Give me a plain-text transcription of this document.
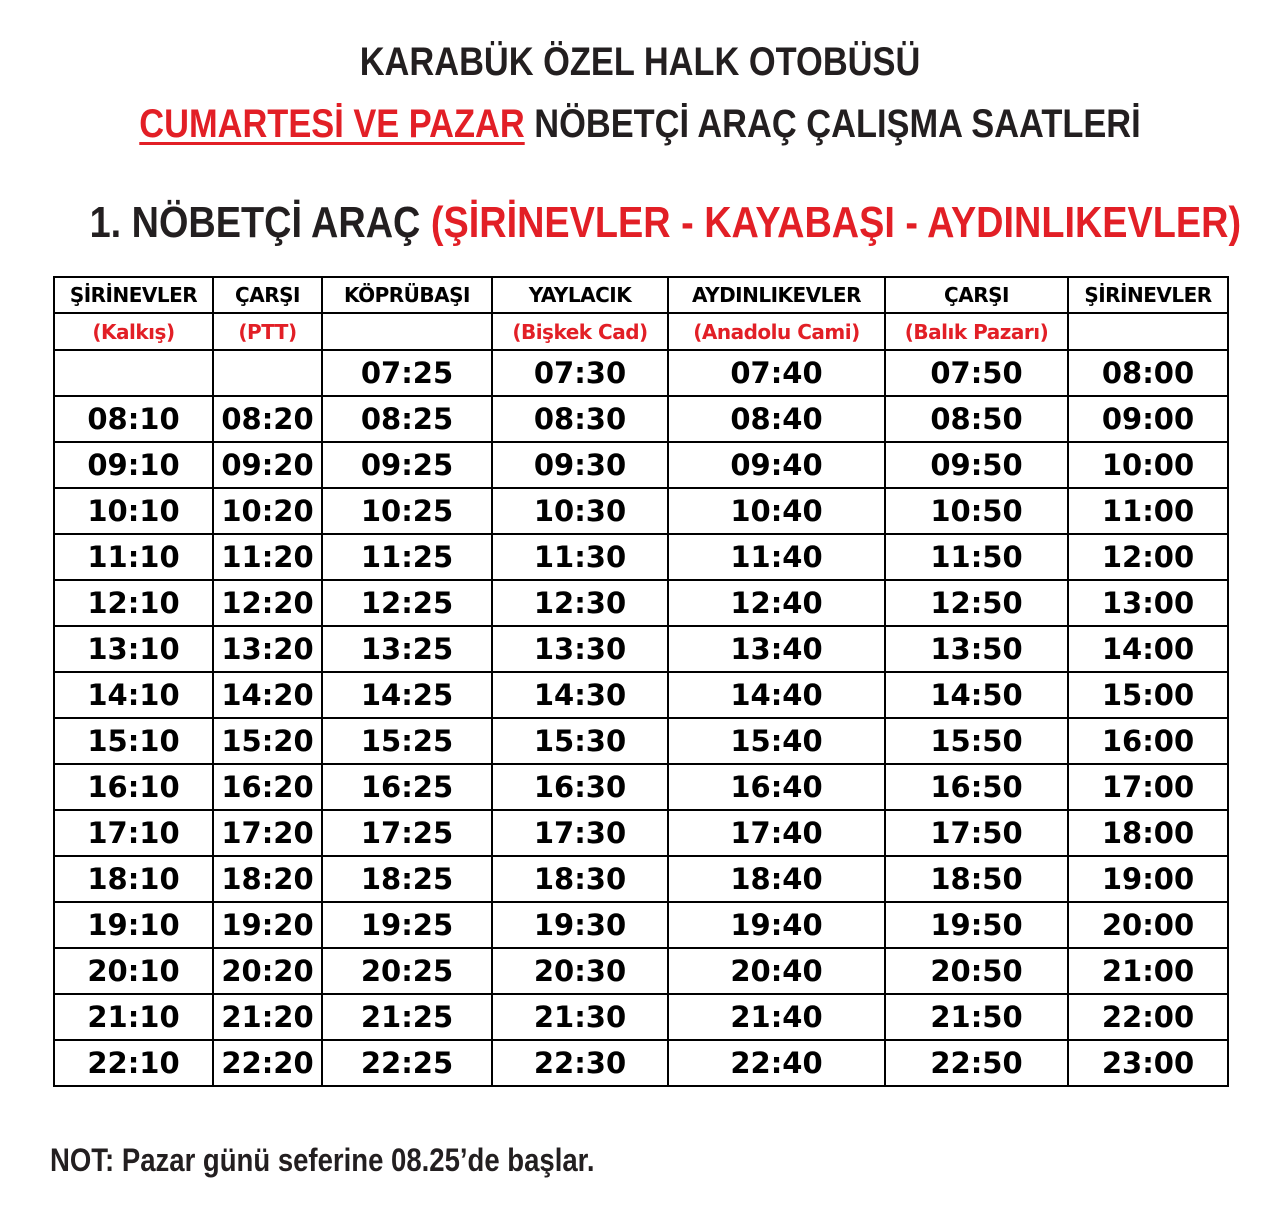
KARABÜK ÖZEL HALK OTOBÜSÜ
CUMARTESİ VE PAZAR NÖBETÇİ ARAÇ ÇALIŞMA SAATLERİ
1. NÖBETÇİ ARAÇ (ŞİRİNEVLER - KAYABAŞI - AYDINLIKEVLER)
ŞİRİNEVLER	ÇARŞI	KÖPRÜBAŞI	YAYLACIK	AYDINLIKEVLER	ÇARŞI	ŞİRİNEVLER
(Kalkış)	(PTT)		(Bişkek Cad)	(Anadolu Cami)	(Balık Pazarı)	
		07:25	07:30	07:40	07:50	08:00
08:10	08:20	08:25	08:30	08:40	08:50	09:00
09:10	09:20	09:25	09:30	09:40	09:50	10:00
10:10	10:20	10:25	10:30	10:40	10:50	11:00
11:10	11:20	11:25	11:30	11:40	11:50	12:00
12:10	12:20	12:25	12:30	12:40	12:50	13:00
13:10	13:20	13:25	13:30	13:40	13:50	14:00
14:10	14:20	14:25	14:30	14:40	14:50	15:00
15:10	15:20	15:25	15:30	15:40	15:50	16:00
16:10	16:20	16:25	16:30	16:40	16:50	17:00
17:10	17:20	17:25	17:30	17:40	17:50	18:00
18:10	18:20	18:25	18:30	18:40	18:50	19:00
19:10	19:20	19:25	19:30	19:40	19:50	20:00
20:10	20:20	20:25	20:30	20:40	20:50	21:00
21:10	21:20	21:25	21:30	21:40	21:50	22:00
22:10	22:20	22:25	22:30	22:40	22:50	23:00
NOT: Pazar günü seferine 08.25’de başlar.
